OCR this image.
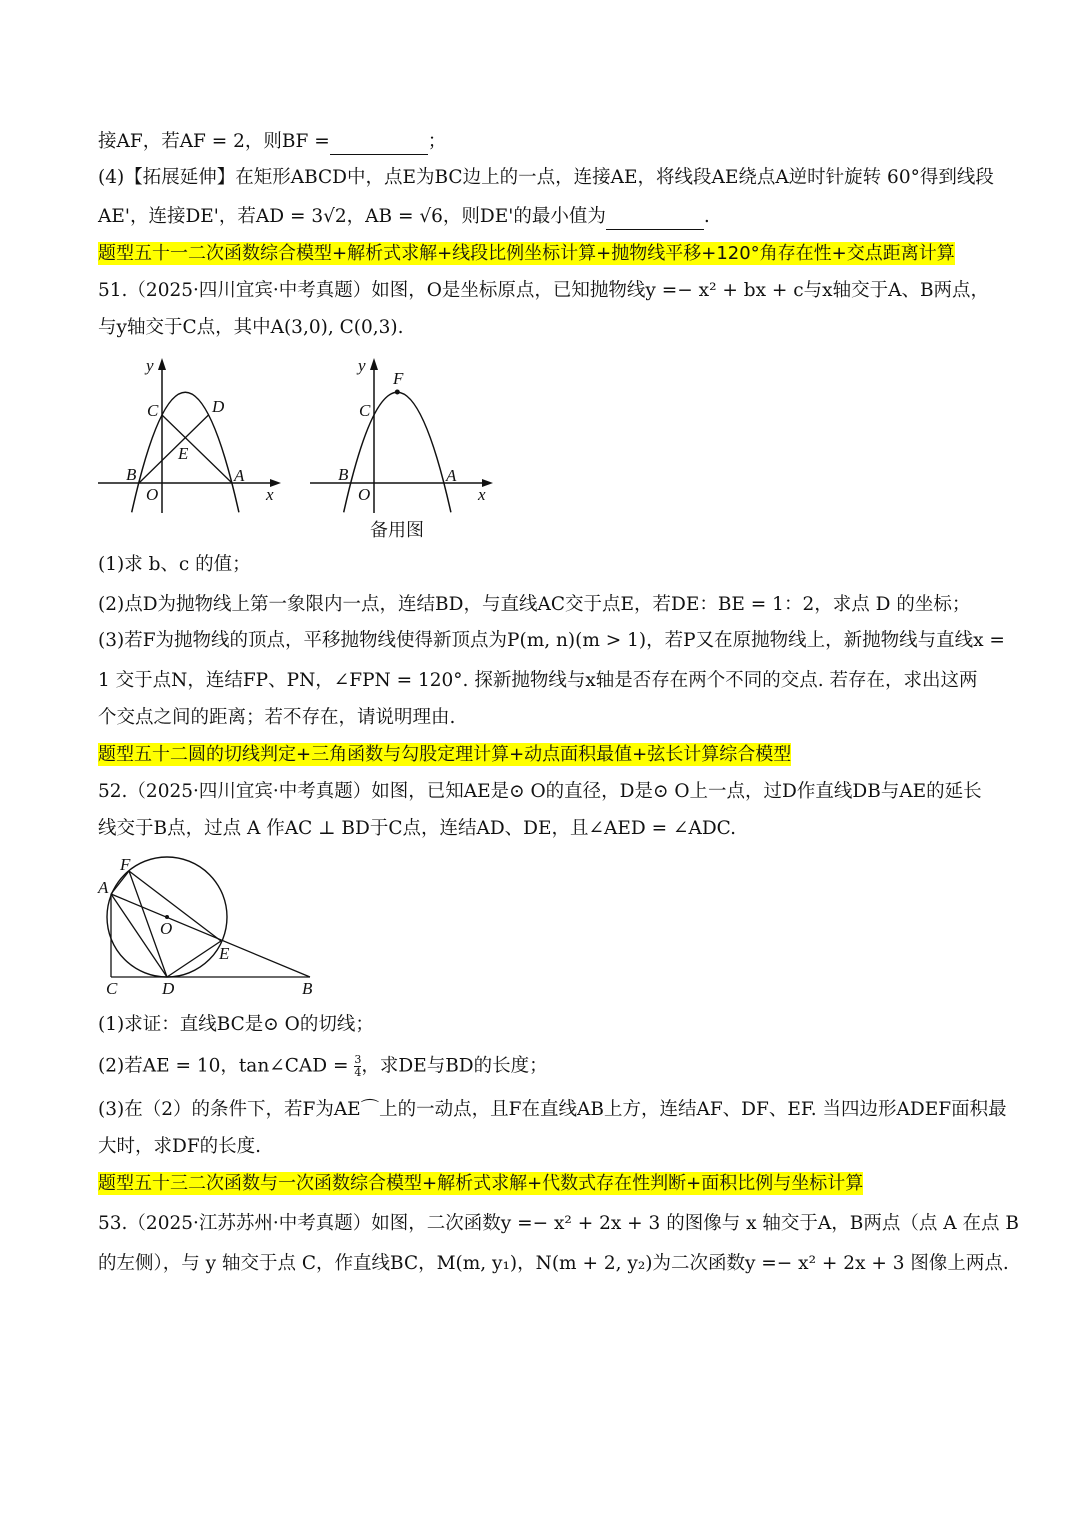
接AF，若AF = 2，则BF =	；
(4)【拓展延伸】在矩形ABCD中，点E为BC边上的一点，连接AE，将线段AE绕点A逆时针旋转 60°得到线段
AE'，连接DE'，若AD = 3√2，AB = √6，则DE'的最小值为	.
题型五十一二次函数综合模型+解析式求解+线段比例坐标计算+抛物线平移+120°角存在性+交点距离计算
51.（2025·四川宜宾·中考真题）如图，O是坐标原点，已知抛物线y =− x² + bx + c与x轴交于A、B两点，
与y轴交于C点，其中A(3,0), C(0,3).
y
x
O
A
B
C	D
E
y
x
O
A
B
C
F
A
B
C	D
E
F
O
备用图
(1)求 b、c 的值；
(2)点D为抛物线上第一象限内一点，连结BD，与直线AC交于点E，若DE：BE = 1：2，求点 D 的坐标；
(3)若F为抛物线的顶点，平移抛物线使得新顶点为P(m, n)(m > 1)，若P又在原抛物线上，新抛物线与直线x =
1 交于点N，连结FP、PN，∠FPN = 120°. 探新抛物线与x轴是否存在两个不同的交点. 若存在，求出这两
个交点之间的距离；若不存在，请说明理由.
题型五十二圆的切线判定+三角函数与勾股定理计算+动点面积最值+弦长计算综合模型
52.（2025·四川宜宾·中考真题）如图，已知AE是⊙ O的直径，D是⊙ O上一点，过D作直线DB与AE的延长
线交于B点，过点 A 作AC ⊥ BD于C点，连结AD、DE，且∠AED = ∠ADC.
(1)求证：直线BC是⊙ O的切线；
(2)若AE = 10，tan∠CAD = $\frac{3}{4}$ ，求DE与BD的长度；
(3)在（2）的条件下，若F为AE⌒上的一动点，且F在直线AB上方，连结AF、DF、EF. 当四边形ADEF面积最
大时，求DF的长度.
题型五十三二次函数与一次函数综合模型+解析式求解+代数式存在性判断+面积比例与坐标计算
53.（2025·江苏苏州·中考真题）如图，二次函数y =− x² + 2x + 3 的图像与 x 轴交于A，B两点（点 A 在点 B
的左侧），与 y 轴交于点 C，作直线BC，M(m, y₁)，N(m + 2, y₂)为二次函数y =− x² + 2x + 3 图像上两点.
